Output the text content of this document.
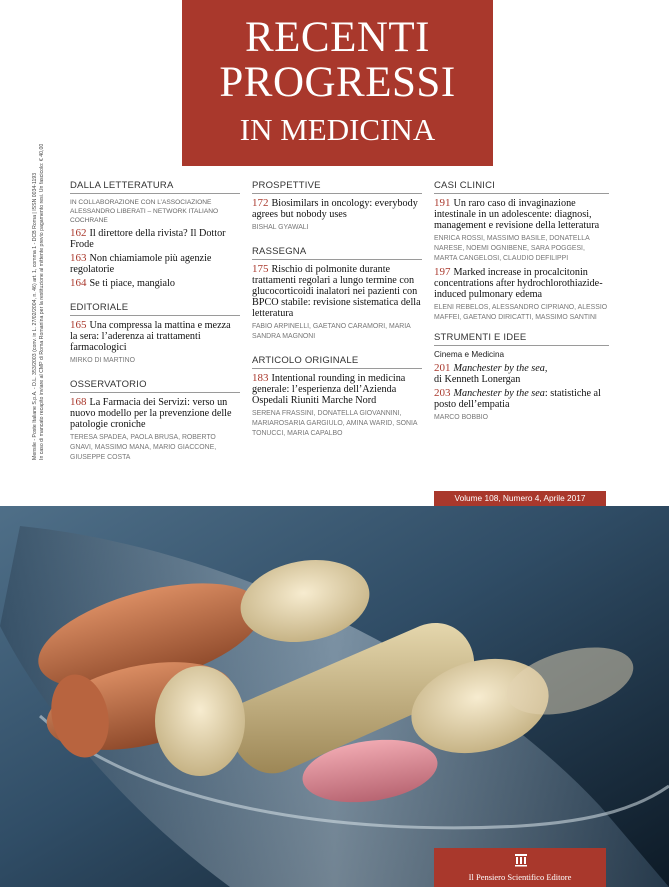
RECENTI
PROGRESSI
IN MEDICINA
Mensile - Poste Italiane S.p.A. - D.L. 353/2003 (conv. in L. 27/02/2004, n. 46) art. 1, comma 1 - DCB Roma | ISSN 0034-1193 In caso di mancato recapito inviare al CMP di Roma Romanina per la restituzione al mittente previo pagamento resi. Un fascicolo: € 40,00	DALLA LETTERATURA
IN COLLABORAZIONE CON L’ASSOCIAZIONE ALESSANDRO LIBERATI – NETWORK ITALIANO COCHRANE
162 Il direttore della rivista? Il Dottor Frode
163 Non chiamiamole più agenzie regolatorie
164 Se ti piace, mangialo
EDITORIALE
165 Una compressa la mattina e mezza la sera: l’aderenza ai trattamenti farmacologici
MIRKO DI MARTINO
OSSERVATORIO
168 La Farmacia dei Servizi: verso un nuovo modello per la prevenzione delle patologie croniche
TERESA SPADEA, PAOLA BRUSA, ROBERTO GNAVI, MASSIMO MANA, MARIO GIACCONE, GIUSEPPE COSTA
PROSPETTIVE
172 Biosimilars in oncology: everybody agrees but nobody uses
BISHAL GYAWALI
RASSEGNA
175 Rischio di polmonite durante trattamenti regolari a lungo termine con glucocorticoidi inalatori nei pazienti con BPCO stabile: revisione sistematica della letteratura
FABIO ARPINELLI, GAETANO CARAMORI, MARIA SANDRA MAGNONI
ARTICOLO ORIGINALE
183 Intentional rounding in medicina generale: l’esperienza dell’Azienda Ospedali Riuniti Marche Nord
SERENA FRASSINI, DONATELLA GIOVANNINI, MARIAROSARIA GARGIULO, AMINA WARID, SONIA TONUCCI, MARIA CAPALBO
CASI CLINICI
191 Un raro caso di invaginazione intestinale in un adolescente: diagnosi, management e revisione della letteratura
ENRICA ROSSI, MASSIMO BASILE, DONATELLA NARESE, NOEMI OGNIBENE, SARA POGGESI, MARTA CANGELOSI, CLAUDIO DEFILIPPI
197 Marked increase in procalcitonin concentrations after hydrochlorothiazide-induced pulmonary edema
ELENI REBELOS, ALESSANDRO CIPRIANO, ALESSIO MAFFEI, GAETANO DIRICATTI, MASSIMO SANTINI
STRUMENTI E IDEE
Cinema e Medicina
201 Manchester by the sea,
di Kenneth Lonergan
203 Manchester by the sea: statistiche al posto dell’empatia
MARCO BOBBIO
Volume 108, Numero 4, Aprile 2017
Il Pensiero Scientifico Editore
